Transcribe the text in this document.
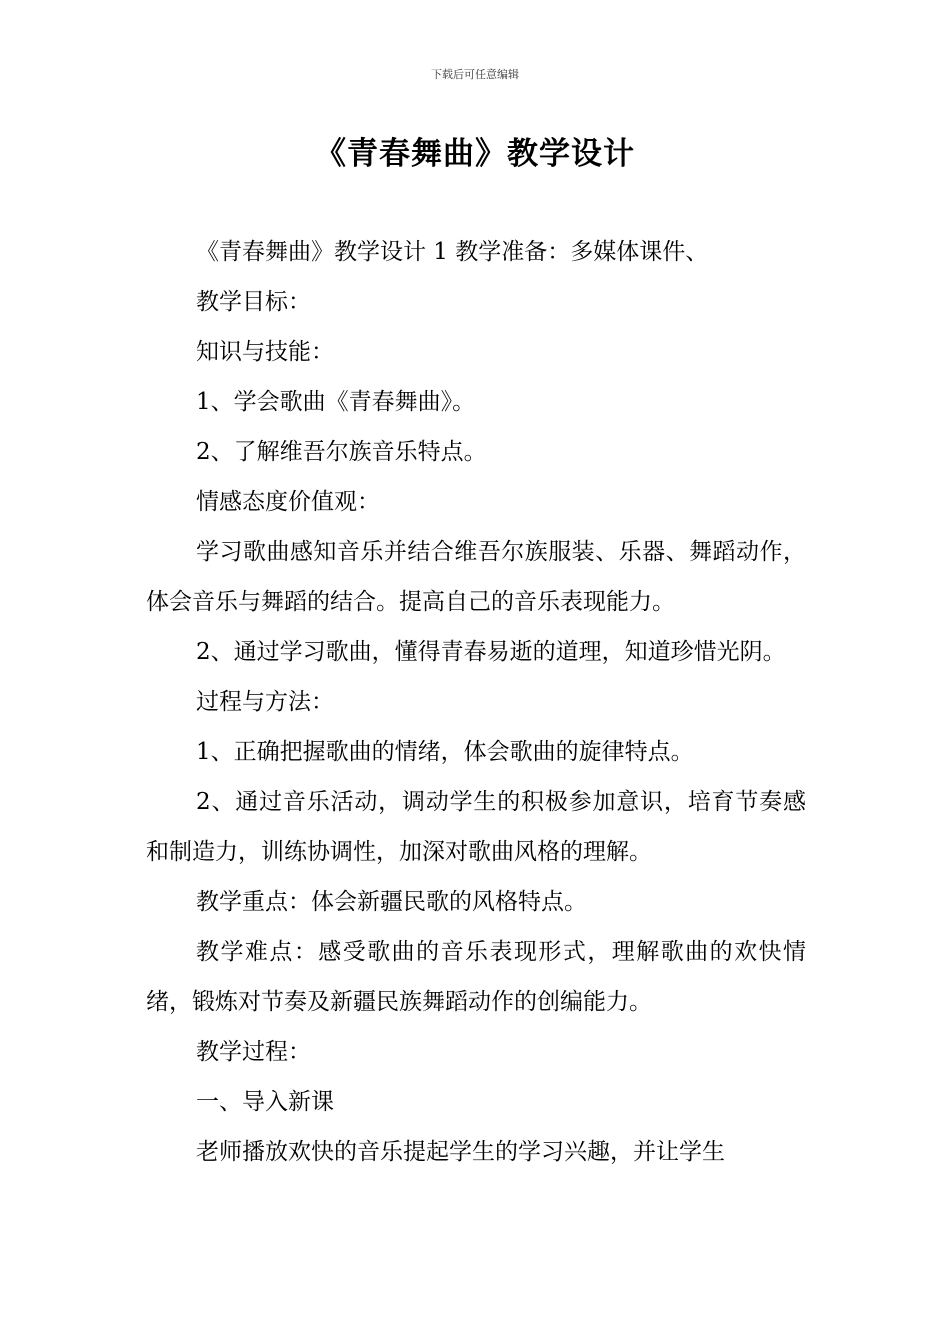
下载后可任意编辑
《青春舞曲》教学设计

《青春舞曲》教学设计 1 教学准备：多媒体课件、

教学目标：

知识与技能：

1、学会歌曲《青春舞曲》。

2、了解维吾尔族音乐特点。

情感态度价值观：

学习歌曲感知音乐并结合维吾尔族服装、乐器、舞蹈动作，体会音乐与舞蹈的结合。提高自己的音乐表现能力。

2、通过学习歌曲，懂得青春易逝的道理，知道珍惜光阴。

过程与方法：

1、正确把握歌曲的情绪，体会歌曲的旋律特点。

2、通过音乐活动，调动学生的积极参加意识，培育节奏感和制造力，训练协调性，加深对歌曲风格的理解。

教学重点：体会新疆民歌的风格特点。

教学难点：感受歌曲的音乐表现形式，理解歌曲的欢快情绪，锻炼对节奏及新疆民族舞蹈动作的创编能力。

教学过程：

一、导入新课

老师播放欢快的音乐提起学生的学习兴趣，并让学生
